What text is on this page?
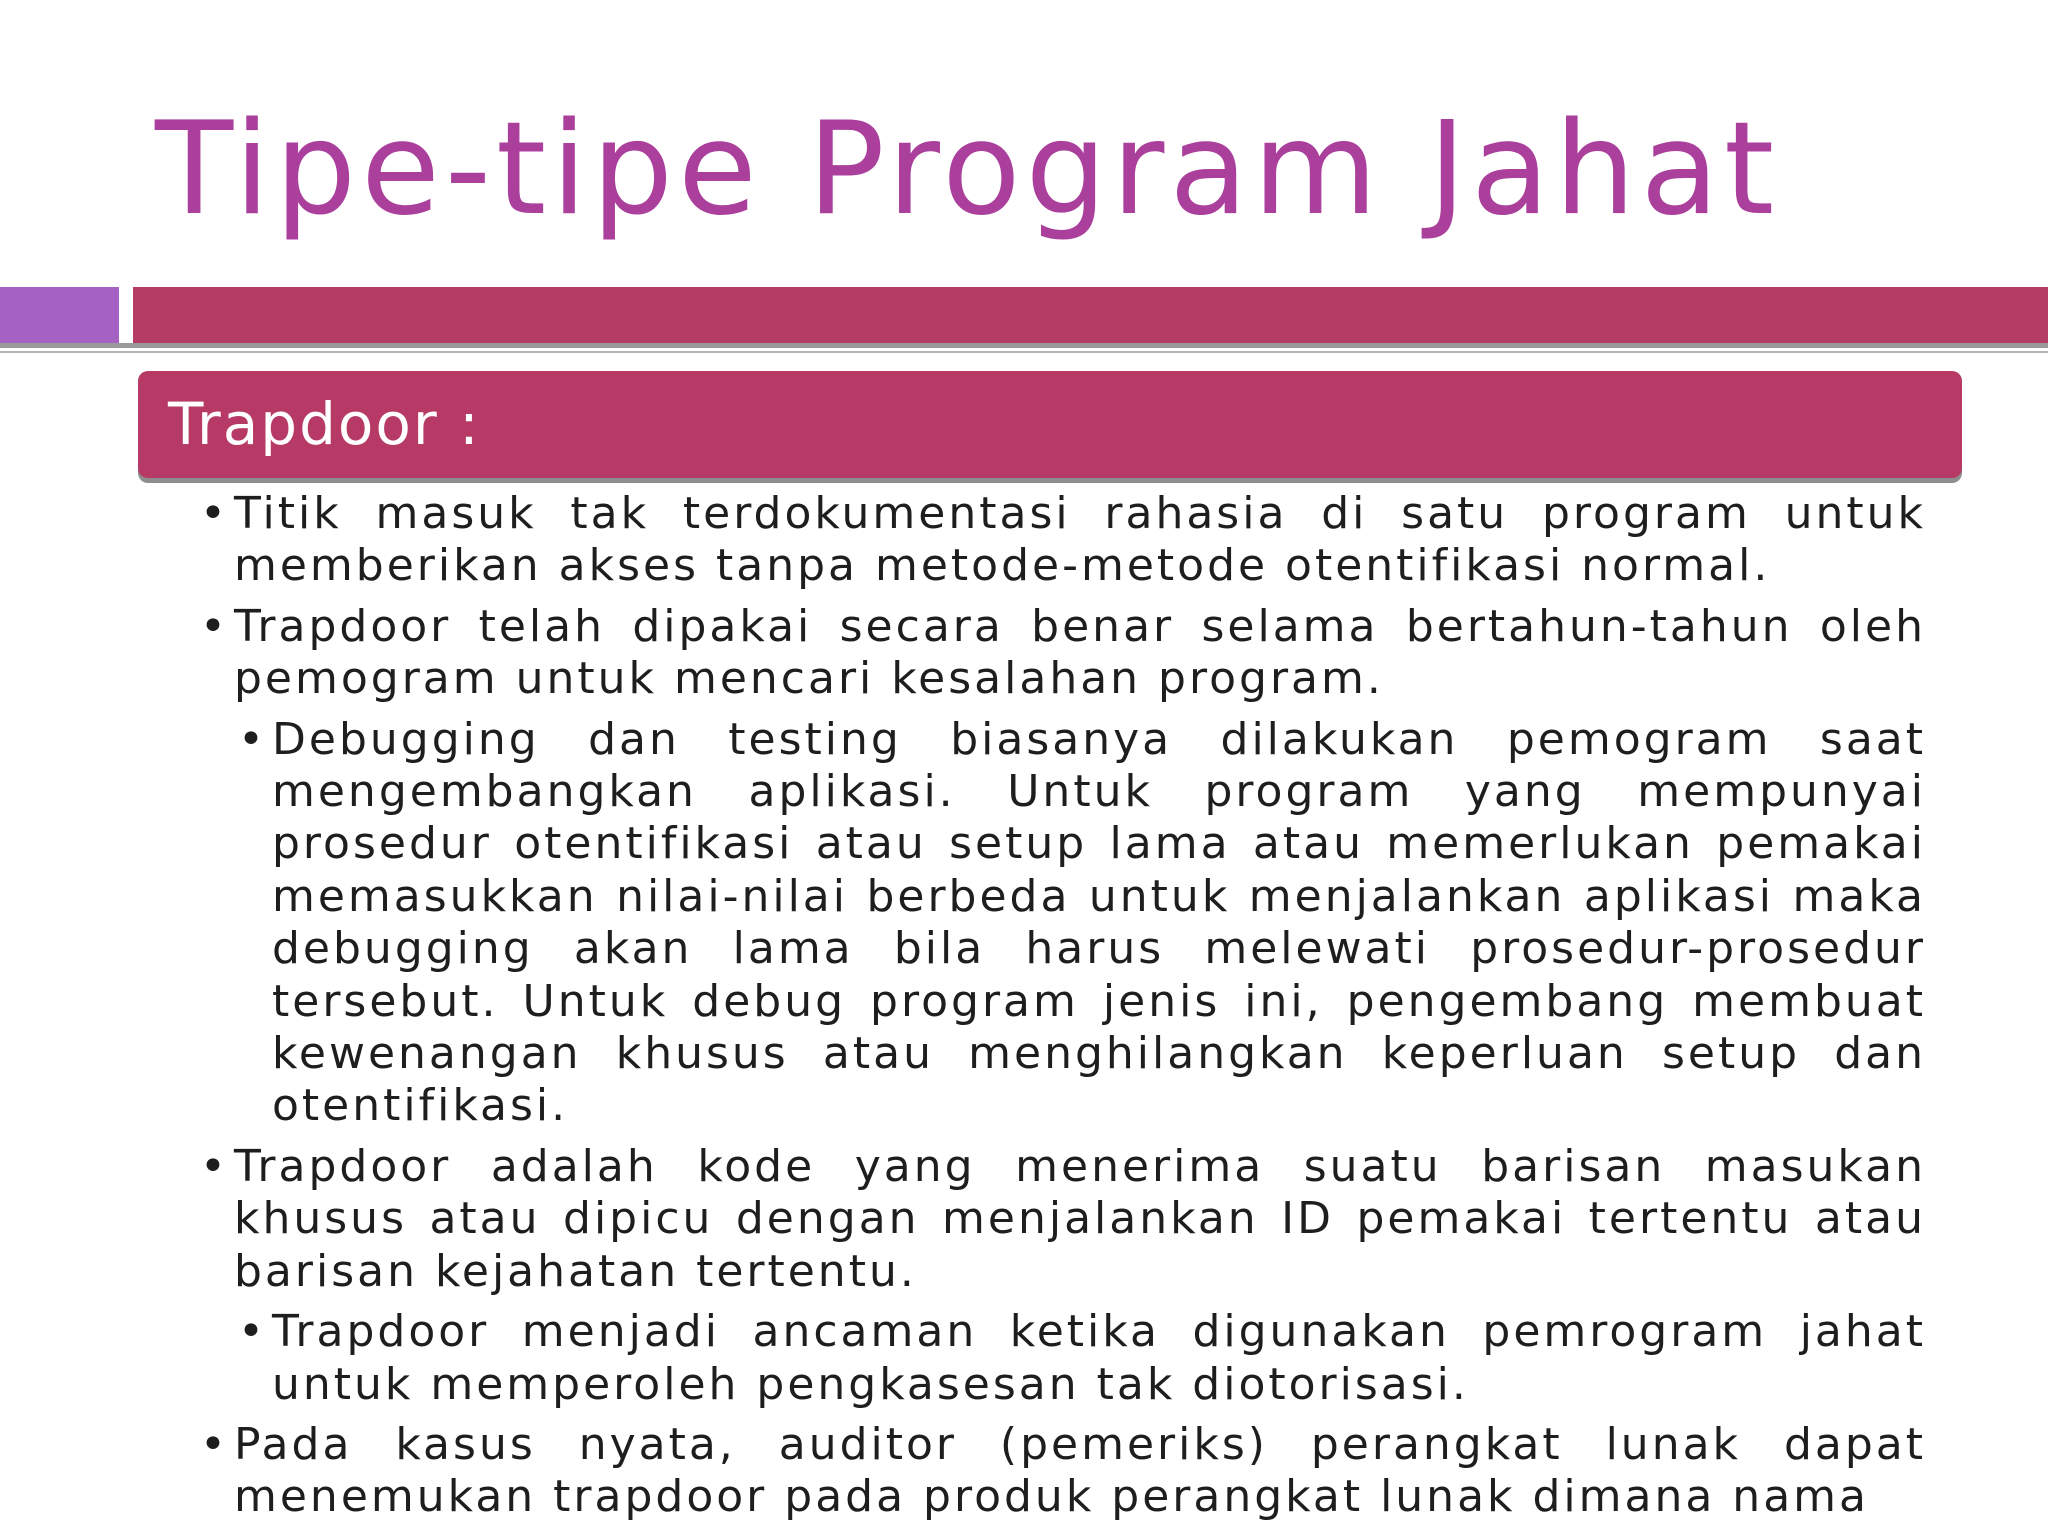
Tipe-tipe Program Jahat
Trapdoor :
• Titik masuk tak terdokumentasi rahasia di satu program untuk memberikan akses tanpa metode-metode otentifikasi normal.
• Trapdoor telah dipakai secara benar selama bertahun-tahun oleh pemogram untuk mencari kesalahan program.
• Debugging dan testing biasanya dilakukan pemogram saat mengembangkan aplikasi. Untuk program yang mempunyai prosedur otentifikasi atau setup lama atau memerlukan pemakai memasukkan nilai-nilai berbeda untuk menjalankan aplikasi maka debugging akan lama bila harus melewati prosedur-prosedur tersebut. Untuk debug program jenis ini, pengembang membuat kewenangan khusus atau menghilangkan keperluan setup dan otentifikasi.
• Trapdoor adalah kode yang menerima suatu barisan masukan khusus atau dipicu dengan menjalankan ID pemakai tertentu atau barisan kejahatan tertentu.
• Trapdoor menjadi ancaman ketika digunakan pemrogram jahat untuk memperoleh pengkasesan tak diotorisasi.
• Pada kasus nyata, auditor (pemeriks) perangkat lunak dapat menemukan trapdoor pada produk perangkat lunak dimana nama
